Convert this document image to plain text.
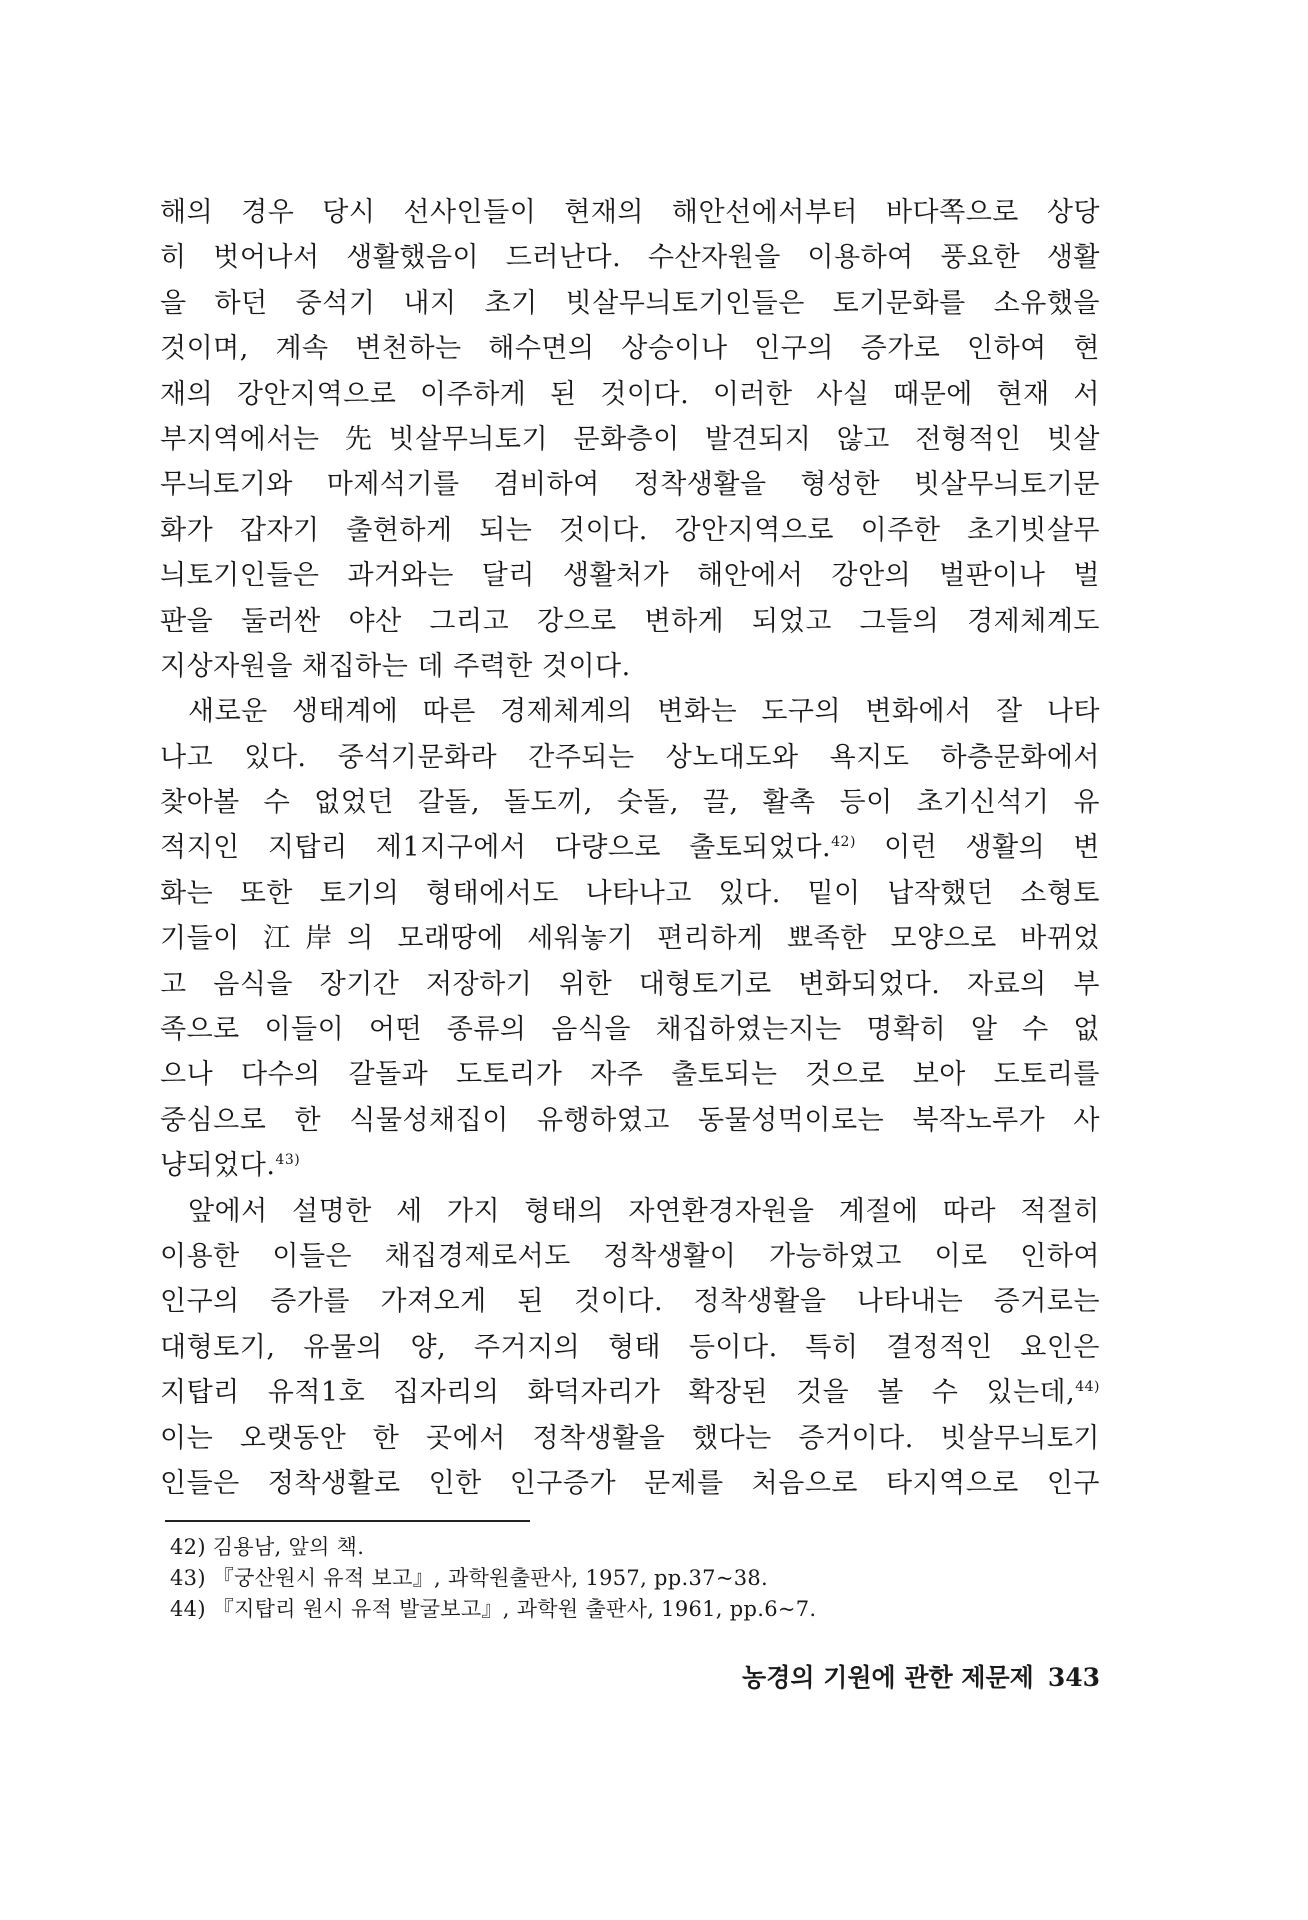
해의 경우 당시 선사인들이 현재의 해안선에서부터 바다쪽으로 상당
히 벗어나서 생활했음이 드러난다. 수산자원을 이용하여 풍요한 생활
을 하던 중석기 내지 초기 빗살무늬토기인들은 토기문화를 소유했을
것이며, 계속 변천하는 해수면의 상승이나 인구의 증가로 인하여 현
재의 강안지역으로 이주하게 된 것이다. 이러한 사실 때문에 현재 서
부지역에서는 先빗살무늬토기 문화층이 발견되지 않고 전형적인 빗살
무늬토기와 마제석기를 겸비하여 정착생활을 형성한 빗살무늬토기문
화가 갑자기 출현하게 되는 것이다. 강안지역으로 이주한 초기빗살무
늬토기인들은 과거와는 달리 생활처가 해안에서 강안의 벌판이나 벌
판을 둘러싼 야산 그리고 강으로 변하게 되었고 그들의 경제체계도
지상자원을 채집하는 데 주력한 것이다.
새로운 생태계에 따른 경제체계의 변화는 도구의 변화에서 잘 나타
나고 있다. 중석기문화라 간주되는 상노대도와 욕지도 하층문화에서
찾아볼 수 없었던 갈돌, 돌도끼, 숫돌, 끌, 활촉 등이 초기신석기 유
적지인 지탑리 제1지구에서 다량으로 출토되었다.$^{42)}$ 이런 생활의 변
화는 또한 토기의 형태에서도 나타나고 있다. 밑이 납작했던 소형토
기들이 江岸의 모래땅에 세워놓기 편리하게 뾰족한 모양으로 바뀌었
고 음식을 장기간 저장하기 위한 대형토기로 변화되었다. 자료의 부
족으로 이들이 어떤 종류의 음식을 채집하였는지는 명확히 알 수 없
으나 다수의 갈돌과 도토리가 자주 출토되는 것으로 보아 도토리를
중심으로 한 식물성채집이 유행하였고 동물성먹이로는 북작노루가 사
냥되었다.$^{43)}$
앞에서 설명한 세 가지 형태의 자연환경자원을 계절에 따라 적절히
이용한 이들은 채집경제로서도 정착생활이 가능하였고 이로 인하여
인구의 증가를 가져오게 된 것이다. 정착생활을 나타내는 증거로는
대형토기, 유물의 양, 주거지의 형태 등이다. 특히 결정적인 요인은
지탑리 유적1호 집자리의 화덕자리가 확장된 것을 볼 수 있는데,$^{44)}$
이는 오랫동안 한 곳에서 정착생활을 했다는 증거이다. 빗살무늬토기
인들은 정착생활로 인한 인구증가 문제를 처음으로 타지역으로 인구
42) 김용남, 앞의 책.
43) 『궁산원시 유적 보고』, 과학원출판사, 1957, pp.37~38.
44) 『지탑리 원시 유적 발굴보고』, 과학원 출판사, 1961, pp.6~7.
농경의 기원에 관한 제문제 343
